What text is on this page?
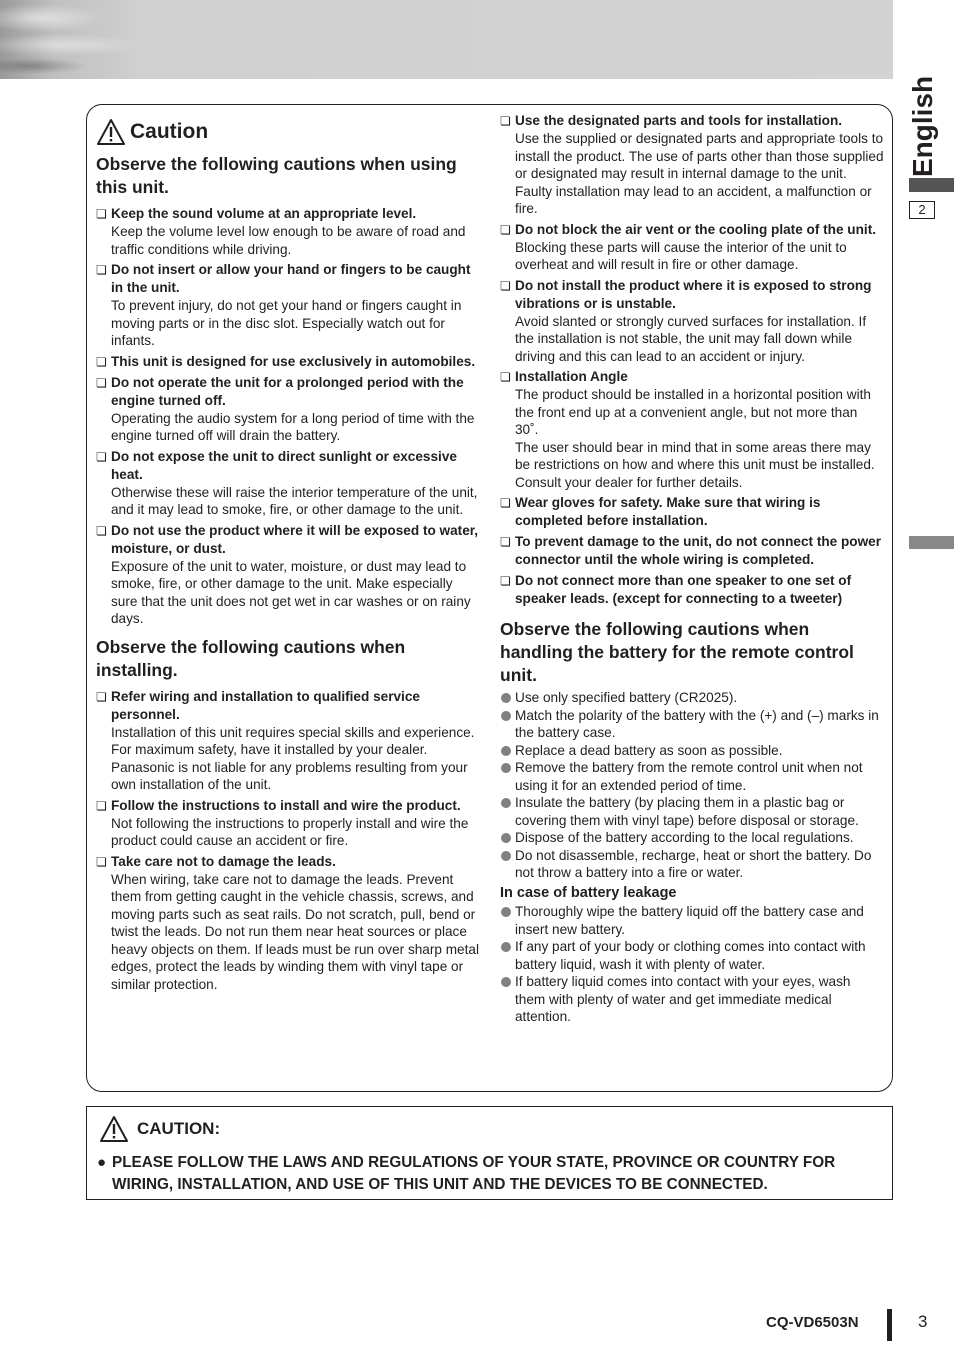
English
2
Caution
Observe the following cautions when using this unit.
❏ Keep the sound volume at an appropriate level.
Keep the volume level low enough to be aware of road and traffic conditions while driving.
❏ Do not insert or allow your hand or fingers to be caught in the unit.
To prevent injury, do not get your hand or fingers caught in moving parts or in the disc slot. Especially watch out for infants.
❏ This unit is designed for use exclusively in automobiles.
❏ Do not operate the unit for a prolonged period with the engine turned off.
Operating the audio system for a long period of time with the engine turned off will drain the battery.
❏ Do not expose the unit to direct sunlight or excessive heat.
Otherwise these will raise the interior temperature of the unit, and it may lead to smoke, fire, or other damage to the unit.
❏ Do not use the product where it will be exposed to water, moisture, or dust.
Exposure of the unit to water, moisture, or dust may lead to smoke, fire, or other damage to the unit. Make especially sure that the unit does not get wet in car washes or on rainy days.
Observe the following cautions when installing.
❏ Refer wiring and installation to qualified service personnel.
Installation of this unit requires special skills and experience. For maximum safety, have it installed by your dealer. Panasonic is not liable for any problems resulting from your own installation of the unit.
❏ Follow the instructions to install and wire the product.
Not following the instructions to properly install and wire the product could cause an accident or fire.
❏ Take care not to damage the leads.
When wiring, take care not to damage the leads. Prevent them from getting caught in the vehicle chassis, screws, and moving parts such as seat rails. Do not scratch, pull, bend or twist the leads. Do not run them near heat sources or place heavy objects on them. If leads must be run over sharp metal edges, protect the leads by winding them with vinyl tape or similar protection.
❏ Use the designated parts and tools for installation.
Use the supplied or designated parts and appropriate tools to install the product. The use of parts other than those supplied or designated may result in internal damage to the unit. Faulty installation may lead to an accident, a malfunction or fire.
❏ Do not block the air vent or the cooling plate of the unit.
Blocking these parts will cause the interior of the unit to overheat and will result in fire or other damage.
❏ Do not install the product where it is exposed to strong vibrations or is unstable.
Avoid slanted or strongly curved surfaces for installation. If the installation is not stable, the unit may fall down while driving and this can lead to an accident or injury.
❏ Installation Angle
The product should be installed in a horizontal position with the front end up at a convenient angle, but not more than 30˚.
The user should bear in mind that in some areas there may be restrictions on how and where this unit must be installed. Consult your dealer for further details.
❏ Wear gloves for safety. Make sure that wiring is completed before installation.
❏ To prevent damage to the unit, do not connect the power connector until the whole wiring is completed.
❏ Do not connect more than one speaker to one set of speaker leads. (except for connecting to a tweeter)
Observe the following cautions when handling the battery for the remote control unit.
Use only specified battery (CR2025).
Match the polarity of the battery with the (+) and (–) marks in the battery case.
Replace a dead battery as soon as possible.
Remove the battery from the remote control unit when not using it for an extended period of time.
Insulate the battery (by placing them in a plastic bag or covering them with vinyl tape) before disposal or storage.
Dispose of the battery according to the local regulations.
Do not disassemble, recharge, heat or short the battery. Do not throw a battery into a fire or water.
In case of battery leakage
Thoroughly wipe the battery liquid off the battery case and insert new battery.
If any part of your body or clothing comes into contact with battery liquid, wash it with plenty of water.
If battery liquid comes into contact with your eyes, wash them with plenty of water and get immediate medical attention.
CAUTION:
● PLEASE FOLLOW THE LAWS AND REGULATIONS OF YOUR STATE, PROVINCE OR COUNTRY FOR WIRING, INSTALLATION, AND USE OF THIS UNIT AND THE DEVICES TO BE CONNECTED.
CQ-VD6503N	3
